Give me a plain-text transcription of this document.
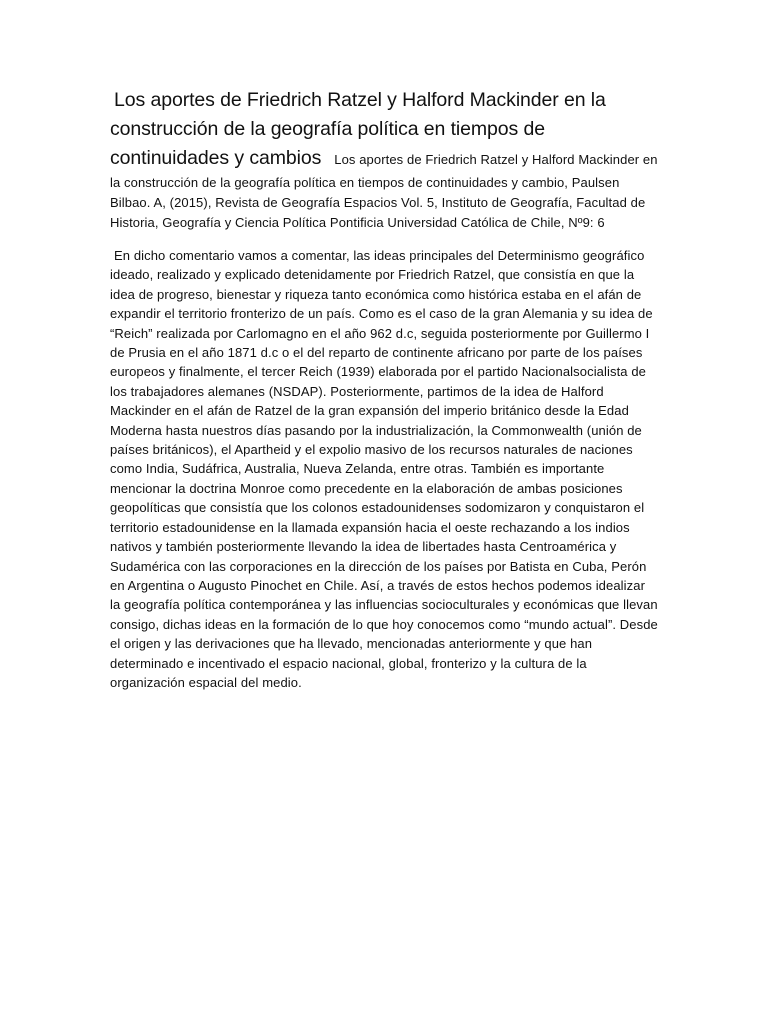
Los aportes de Friedrich Ratzel y Halford Mackinder en la construcción de la geografía política en tiempos de continuidades y cambios Los aportes de Friedrich Ratzel y Halford Mackinder en la construcción de la geografía política en tiempos de continuidades y cambio, Paulsen Bilbao. A, (2015), Revista de Geografía Espacios Vol. 5, Instituto de Geografía, Facultad de Historia, Geografía y Ciencia Política Pontificia Universidad Católica de Chile, Nº9: 6

En dicho comentario vamos a comentar, las ideas principales del Determinismo geográfico ideado, realizado y explicado detenidamente por Friedrich Ratzel, que consistía en que la idea de progreso, bienestar y riqueza tanto económica como histórica estaba en el afán de expandir el territorio fronterizo de un país. Como es el caso de la gran Alemania y su idea de “Reich” realizada por Carlomagno en el año 962 d.c, seguida posteriormente por Guillermo I de Prusia en el año 1871 d.c o el del reparto de continente africano por parte de los países europeos y finalmente, el tercer Reich (1939) elaborada por el partido Nacionalsocialista de los trabajadores alemanes (NSDAP). Posteriormente, partimos de la idea de Halford Mackinder en el afán de Ratzel de la gran expansión del imperio británico desde la Edad Moderna hasta nuestros días pasando por la industrialización, la Commonwealth (unión de países británicos), el Apartheid y el expolio masivo de los recursos naturales de naciones como India, Sudáfrica, Australia, Nueva Zelanda, entre otras. También es importante mencionar la doctrina Monroe como precedente en la elaboración de ambas posiciones geopolíticas que consistía que los colonos estadounidenses sodomizaron y conquistaron el territorio estadounidense en la llamada expansión hacia el oeste rechazando a los indios nativos y también posteriormente llevando la idea de libertades hasta Centroamérica y Sudamérica con las corporaciones en la dirección de los países por Batista en Cuba, Perón en Argentina o Augusto Pinochet en Chile. Así, a través de estos hechos podemos idealizar la geografía política contemporánea y las influencias socioculturales y económicas que llevan consigo, dichas ideas en la formación de lo que hoy conocemos como “mundo actual”. Desde el origen y las derivaciones que ha llevado, mencionadas anteriormente y que han determinado e incentivado el espacio nacional, global, fronterizo y la cultura de la organización espacial del medio.
